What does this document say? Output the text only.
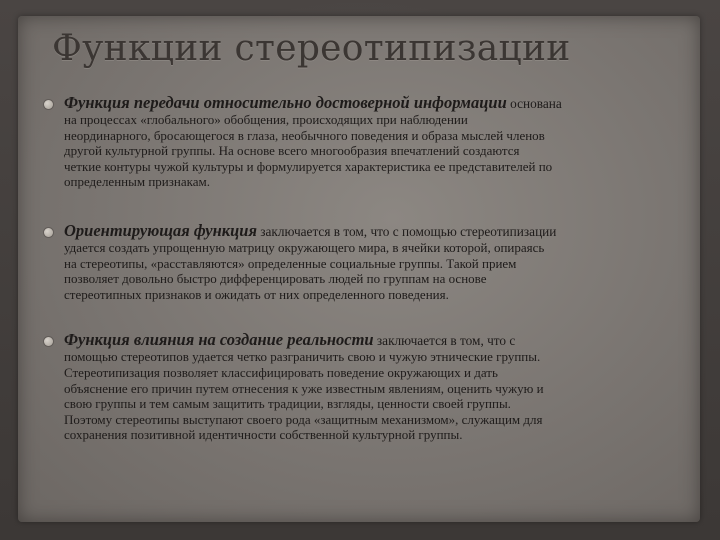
Функции стереотипизации
Функция передачи относительно достоверной информации основана
на процессах «глобального» обобщения, происходящих при наблюдении
неординарного, бросающегося в глаза, необычного поведения и образа мыслей членов
другой культурной группы. На основе всего многообразия впечатлений создаются
четкие контуры чужой культуры и формулируется характеристика ее представителей по
определенным признакам.
Ориентирующая функция заключается в том, что с помощью стереотипизации
удается создать упрощенную матрицу окружающего мира, в ячейки которой, опираясь
на стереотипы, «расставляются» определенные социальные группы. Такой прием
позволяет довольно быстро дифференцировать людей по группам на основе
стереотипных признаков и ожидать от них определенного поведения.
Функция влияния на создание реальности заключается в том, что с
помощью стереотипов удается четко разграничить свою и чужую этнические группы.
Стереотипизация позволяет классифицировать поведение окружающих и дать
объяснение его причин путем отнесения к уже известным явлениям, оценить чужую и
свою группы и тем самым защитить традиции, взгляды, ценности своей группы.
Поэтому стереотипы выступают своего рода «защитным механизмом», служащим для
сохранения позитивной идентичности собственной культурной группы.
